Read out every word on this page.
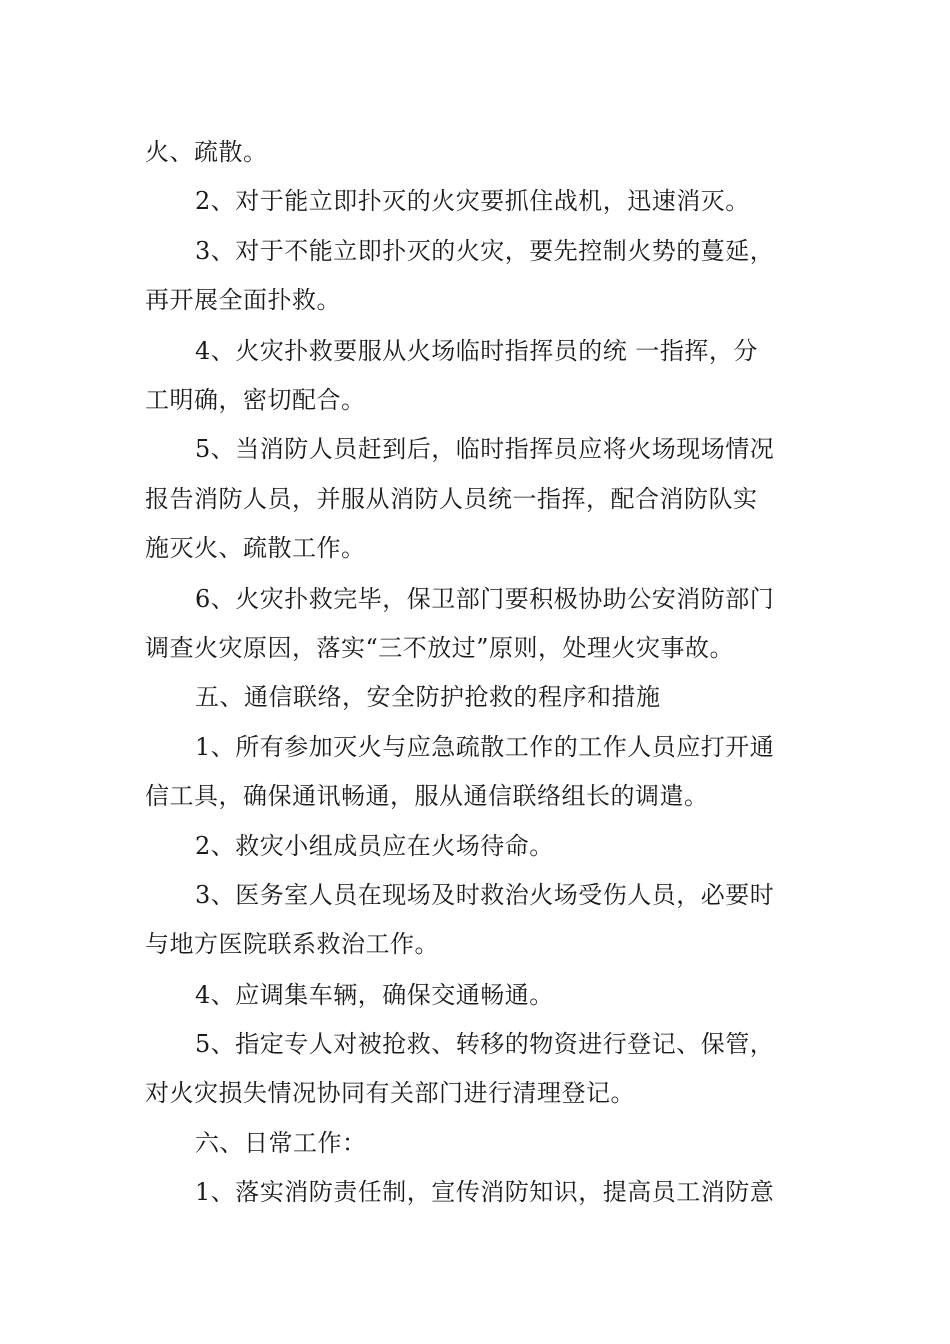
火、疏散。
2、对于能立即扑灭的火灾要抓住战机，迅速消灭。
3、对于不能立即扑灭的火灾，要先控制火势的蔓延，
再开展全面扑救。
4、火灾扑救要服从火场临时指挥员的统 一指挥，分
工明确，密切配合。
5、当消防人员赶到后，临时指挥员应将火场现场情况
报告消防人员，并服从消防人员统一指挥，配合消防队实
施灭火、疏散工作。
6、火灾扑救完毕，保卫部门要积极协助公安消防部门
调查火灾原因，落实“三不放过”原则，处理火灾事故。
五、通信联络，安全防护抢救的程序和措施
1、所有参加灭火与应急疏散工作的工作人员应打开通
信工具，确保通讯畅通，服从通信联络组长的调遣。
2、救灾小组成员应在火场待命。
3、医务室人员在现场及时救治火场受伤人员，必要时
与地方医院联系救治工作。
4、应调集车辆，确保交通畅通。
5、指定专人对被抢救、转移的物资进行登记、保管，
对火灾损失情况协同有关部门进行清理登记。
六、日常工作：
1、落实消防责任制，宣传消防知识，提高员工消防意
